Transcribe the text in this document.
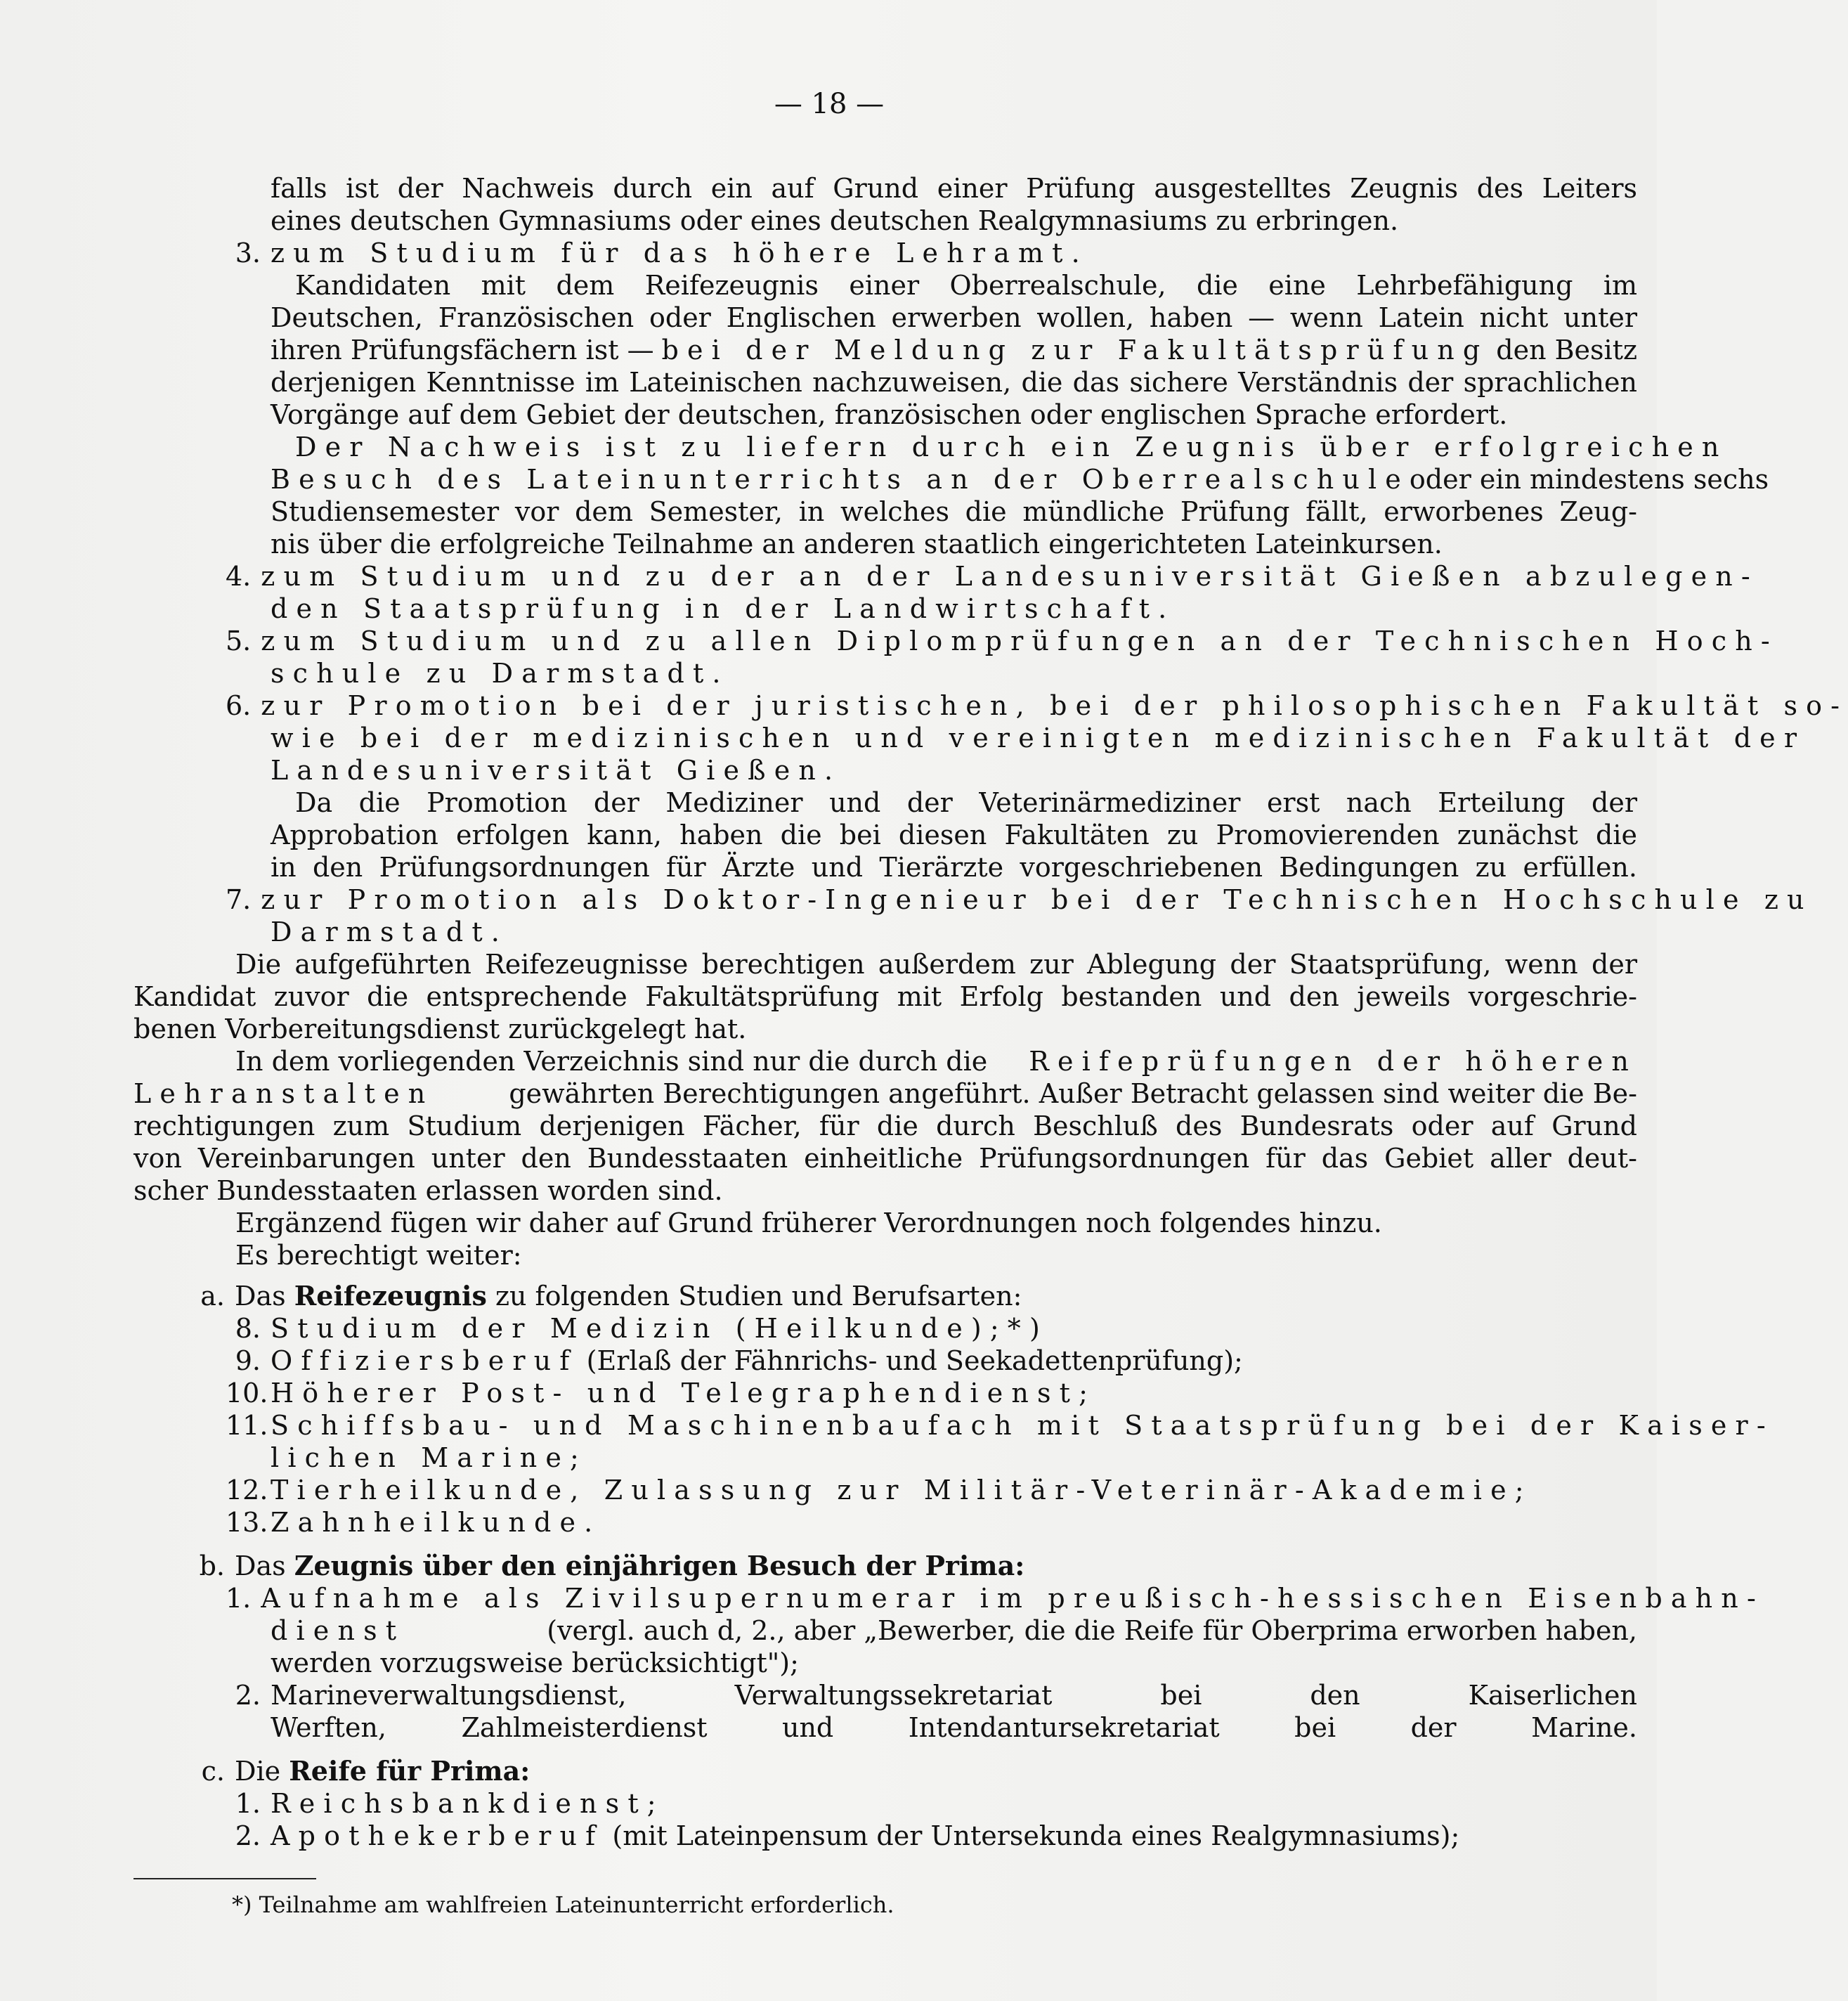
— 18 —
falls ist der Nachweis durch ein auf Grund einer Prüfung ausgestelltes Zeugnis des Leiters
eines deutschen Gymnasiums oder eines deutschen Realgymnasiums zu erbringen.
3. zum Studium für das höhere Lehramt.
Kandidaten mit dem Reifezeugnis einer Oberrealschule, die eine Lehrbefähigung im
Deutschen, Französischen oder Englischen erwerben wollen, haben — wenn Latein nicht unter
ihren Prüfungsfächern ist — bei der Meldung zur Fakultätsprüfung den Besitz
derjenigen Kenntnisse im Lateinischen nachzuweisen, die das sichere Verständnis der sprachlichen
Vorgänge auf dem Gebiet der deutschen, französischen oder englischen Sprache erfordert.
Der Nachweis ist zu liefern durch ein Zeugnis über erfolgreichen
Besuch des Lateinunterrichts an der Oberrealschule oder ein mindestens sechs
Studiensemester vor dem Semester, in welches die mündliche Prüfung fällt, erworbenes Zeug-
nis über die erfolgreiche Teilnahme an anderen staatlich eingerichteten Lateinkursen.
4. zum Studium und zu der an der Landesuniversität Gießen abzulegen-
den Staatsprüfung in der Landwirtschaft.
5. zum Studium und zu allen Diplomprüfungen an der Technischen Hoch-
schule zu Darmstadt.
6. zur Promotion bei der juristischen, bei der philosophischen Fakultät so-
wie bei der medizinischen und vereinigten medizinischen Fakultät der
Landesuniversität Gießen.
Da die Promotion der Mediziner und der Veterinärmediziner erst nach Erteilung der
Approbation erfolgen kann, haben die bei diesen Fakultäten zu Promovierenden zunächst die
in den Prüfungsordnungen für Ärzte und Tierärzte vorgeschriebenen Bedingungen zu erfüllen.
7. zur Promotion als Doktor-Ingenieur bei der Technischen Hochschule zu
Darmstadt.
Die aufgeführten Reifezeugnisse berechtigen außerdem zur Ablegung der Staatsprüfung, wenn der
Kandidat zuvor die entsprechende Fakultätsprüfung mit Erfolg bestanden und den jeweils vorgeschrie-
benen Vorbereitungsdienst zurückgelegt hat.
In dem vorliegenden Verzeichnis sind nur die durch die Reifeprüfungen der höheren
Lehranstalten	gewährten Berechtigungen angeführt. Außer Betracht gelassen sind weiter die Be-
rechtigungen zum Studium derjenigen Fächer, für die durch Beschluß des Bundesrats oder auf Grund
von Vereinbarungen unter den Bundesstaaten einheitliche Prüfungsordnungen für das Gebiet aller deut-
scher Bundesstaaten erlassen worden sind.
Ergänzend fügen wir daher auf Grund früherer Verordnungen noch folgendes hinzu.
Es berechtigt weiter:
a. Das Reifezeugnis zu folgenden Studien und Berufsarten:
8. Studium der Medizin (Heilkunde);*)
9. Offiziersberuf (Erlaß der Fähnrichs- und Seekadettenprüfung);
10.Höherer Post- und Telegraphendienst;
11. Schiffsbau- und Maschinenbaufach mit Staatsprüfung bei der Kaiser-
lichen Marine;
12.Tierheilkunde, Zulassung zur Militär-Veterinär-Akademie;
13.Zahnheilkunde.
b. Das Zeugnis über den einjährigen Besuch der Prima:
1. Aufnahme als Zivilsupernumerar im preußisch-hessischen Eisenbahn-
dienst	(vergl. auch d, 2., aber „Bewerber, die die Reife für Oberprima erworben haben,
werden vorzugsweise berücksichtigt");
2. Marineverwaltungsdienst, Verwaltungssekretariat bei den Kaiserlichen
Werften, Zahlmeisterdienst und Intendantursekretariat bei der Marine.
c. Die Reife für Prima:
1. Reichsbankdienst;
2. Apothekerberuf (mit Lateinpensum der Untersekunda eines Realgymnasiums);
*) Teilnahme am wahlfreien Lateinunterricht erforderlich.
